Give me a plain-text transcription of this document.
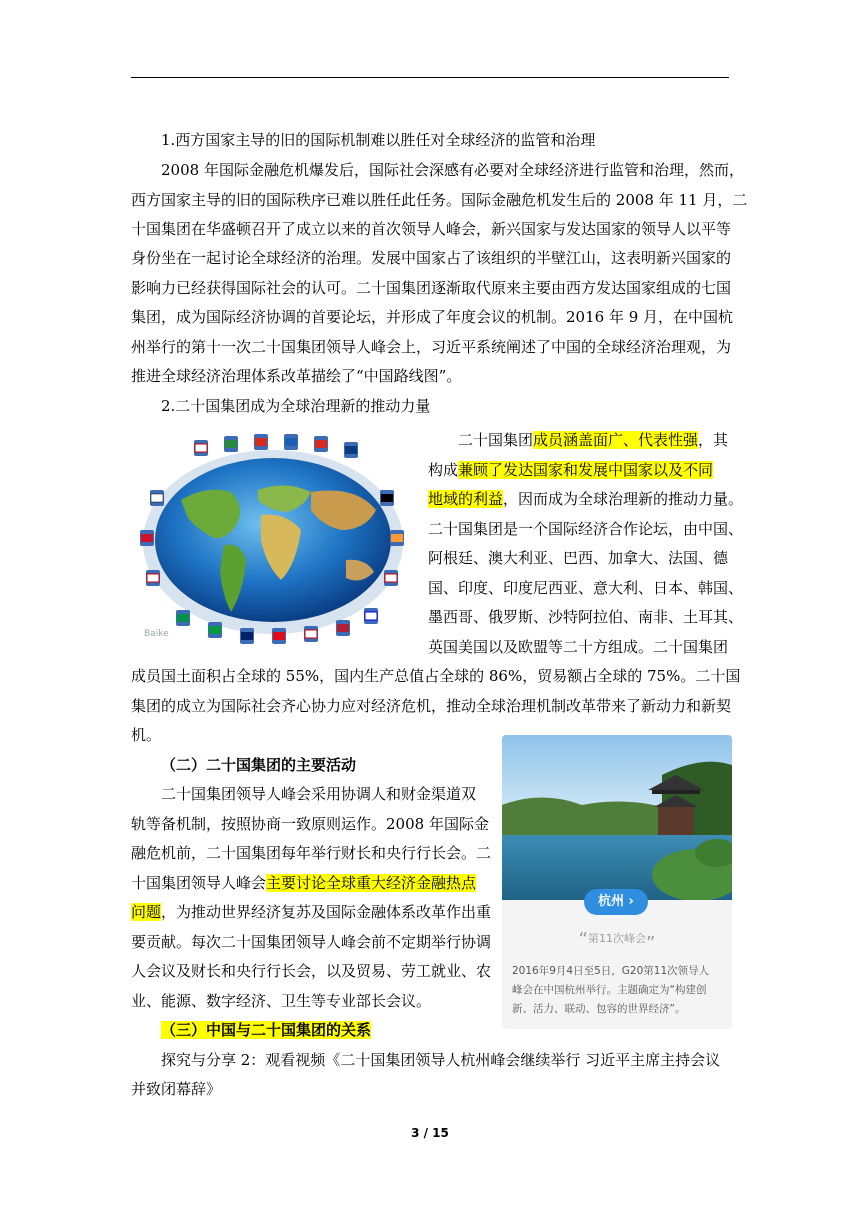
1.西方国家主导的旧的国际机制难以胜任对全球经济的监管和治理
2008 年国际金融危机爆发后，国际社会深感有必要对全球经济进行监管和治理，然而，
西方国家主导的旧的国际秩序已难以胜任此任务。国际金融危机发生后的 2008 年 11 月，二
十国集团在华盛顿召开了成立以来的首次领导人峰会，新兴国家与发达国家的领导人以平等
身份坐在一起讨论全球经济的治理。发展中国家占了该组织的半壁江山，这表明新兴国家的
影响力已经获得国际社会的认可。二十国集团逐渐取代原来主要由西方发达国家组成的七国
集团，成为国际经济协调的首要论坛，并形成了年度会议的机制。2016 年 9 月，在中国杭
州举行的第十一次二十国集团领导人峰会上，习近平系统阐述了中国的全球经济治理观，为
推进全球经济治理体系改革描绘了“中国路线图”。
2.二十国集团成为全球治理新的推动力量
Baike
二十国集团成员涵盖面广、代表性强，其
构成兼顾了发达国家和发展中国家以及不同
地域的利益，因而成为全球治理新的推动力量。
二十国集团是一个国际经济合作论坛，由中国、
阿根廷、澳大利亚、巴西、加拿大、法国、德
国、印度、印度尼西亚、意大利、日本、韩国、
墨西哥、俄罗斯、沙特阿拉伯、南非、土耳其、
英国美国以及欧盟等二十方组成。二十国集团
成员国土面积占全球的 55%，国内生产总值占全球的 86%，贸易额占全球的 75%。二十国
集团的成立为国际社会齐心协力应对经济危机，推动全球治理机制改革带来了新动力和新契
机。
（二）二十国集团的主要活动
二十国集团领导人峰会采用协调人和财金渠道双
轨等备机制，按照协商一致原则运作。2008 年国际金
融危机前，二十国集团每年举行财长和央行行长会。二
十国集团领导人峰会主要讨论全球重大经济金融热点
问题，为推动世界经济复苏及国际金融体系改革作出重
要贡献。每次二十国集团领导人峰会前不定期举行协调
人会议及财长和央行行长会，以及贸易、劳工就业、农
业、能源、数字经济、卫生等专业部长会议。
（三）中国与二十国集团的关系
探究与分享 2：观看视频《二十国集团领导人杭州峰会继续举行 习近平主席主持会议
并致闭幕辞》
杭州 ›
“第11次峰会”
2016年9月4日至5日，G20第11次领导人
峰会在中国杭州举行。主题确定为“构建创
新、活力、联动、包容的世界经济”。
3 / 15
